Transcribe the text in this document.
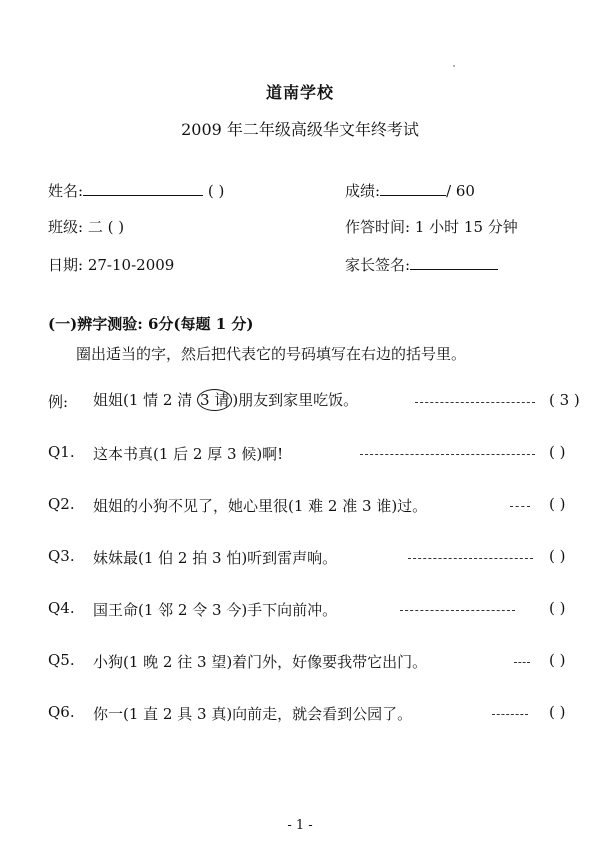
道南学校
2009 年二年级高级华文年终考试
姓名:	( )	成绩:	/ 60
班级: 二 ( )	作答时间: 1 小时 15 分钟
日期: 27-10-2009	家长签名:
(一)辨字测验: 6分(每题 1 分)
圈出适当的字，然后把代表它的号码填写在右边的括号里。
例: 姐姐(1 情 2 清 3 请 )朋友到家里吃饭。	( 3 )
Q1. 这本书真(1 后 2 厚 3 候)啊!	( )
Q2. 姐姐的小狗不见了，她心里很(1 难 2 准 3 谁)过。	( )
Q3. 妹妹最(1 伯 2 拍 3 怕)听到雷声响。	( )
Q4. 国王命(1 邻 2 令 3 今)手下向前冲。	( )
Q5. 小狗(1 晚 2 往 3 望)着门外，好像要我带它出门。	( )
Q6. 你一(1 直 2 具 3 真)向前走，就会看到公园了。	( )
- 1 -
